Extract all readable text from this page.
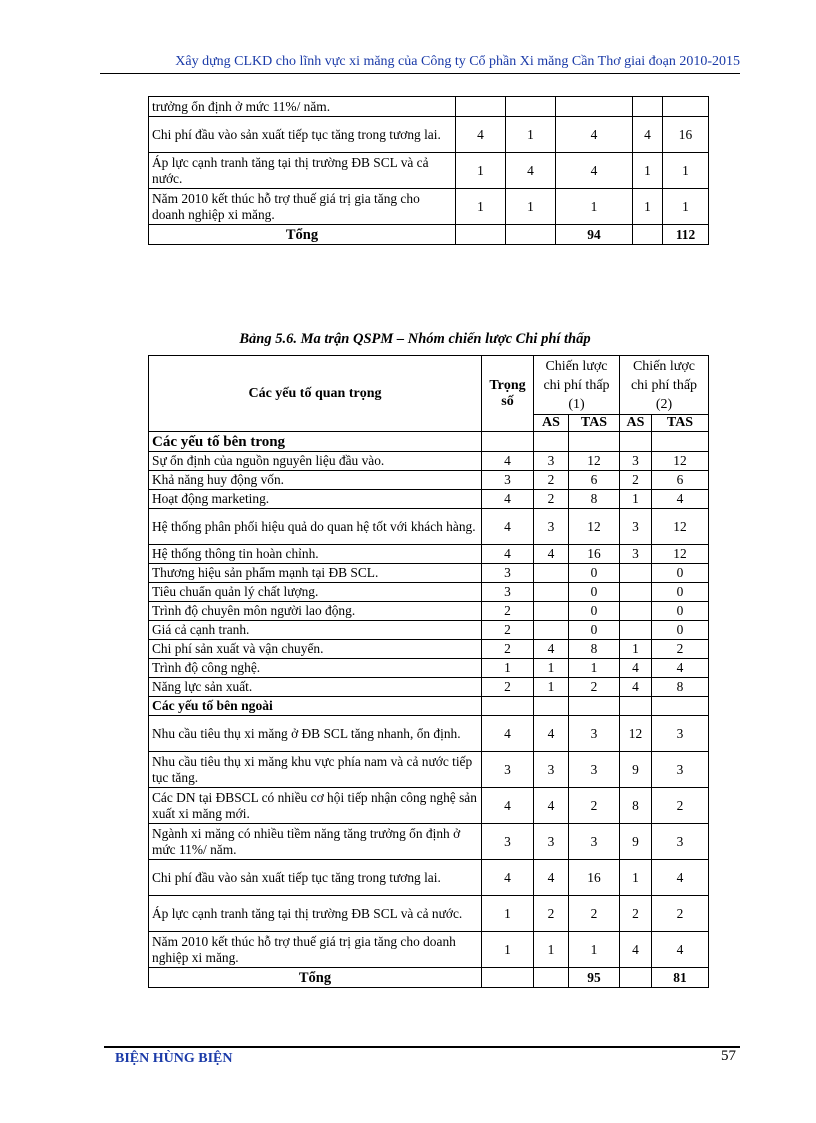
Xây dựng CLKD cho lĩnh vực xi măng của Công ty Cổ phần Xi măng Cần Thơ giai đoạn 2010-2015
trưởng ổn định ở mức 11%/ năm.					
Chi phí đầu vào sản xuất tiếp tục tăng trong tương lai.	4	1	4	4	16
Áp lực cạnh tranh tăng tại thị trường ĐB SCL và cả nước.	1	4	4	1	1
Năm 2010 kết thúc hỗ trợ thuế giá trị gia tăng cho doanh nghiệp xi măng.	1	1	1	1	1
Tổng			94		112
Bảng 5.6. Ma trận QSPM – Nhóm chiến lược Chi phí thấp
Các yếu tố quan trọng	Trọng số	Chiến lược chi phí thấp (1)		Chiến lược chi phí thấp (2)	
		AS	TAS	AS	TAS
Các yếu tố bên trong					
Sự ổn định của nguồn nguyên liệu đầu vào.	4	3	12	3	12
Khả năng huy động vốn.	3	2	6	2	6
Hoạt động marketing.	4	2	8	1	4
Hệ thống phân phối hiệu quả do quan hệ tốt với khách hàng.	4	3	12	3	12
Hệ thống thông tin hoàn chỉnh.	4	4	16	3	12
Thương hiệu sản phẩm mạnh tại ĐB SCL.	3		0		0
Tiêu chuẩn quản lý chất lượng.	3		0		0
Trình độ chuyên môn người lao động.	2		0		0
Giá cả cạnh tranh.	2		0		0
Chi phí sản xuất và vận chuyển.	2	4	8	1	2
Trình độ công nghệ.	1	1	1	4	4
Năng lực sản xuất.	2	1	2	4	8
Các yếu tố bên ngoài					
Nhu cầu tiêu thụ xi măng ở ĐB SCL tăng nhanh, ổn định.	4	4	3	12	3
Nhu cầu tiêu thụ xi măng khu vực phía nam và cả nước tiếp tục tăng.	3	3	3	9	3
Các DN tại ĐBSCL có nhiều cơ hội tiếp nhận công nghệ sản xuất xi măng mới.	4	4	2	8	2
Ngành xi măng có nhiều tiềm năng tăng trưởng ổn định ở mức 11%/ năm.	3	3	3	9	3
Chi phí đầu vào sản xuất tiếp tục tăng trong tương lai.	4	4	16	1	4
Áp lực cạnh tranh tăng tại thị trường ĐB SCL và cả nước.	1	2	2	2	2
Năm 2010 kết thúc hỗ trợ thuế giá trị gia tăng cho doanh nghiệp xi măng.	1	1	1	4	4
Tổng			95		81
BIỆN HÙNG BIỆN	57
